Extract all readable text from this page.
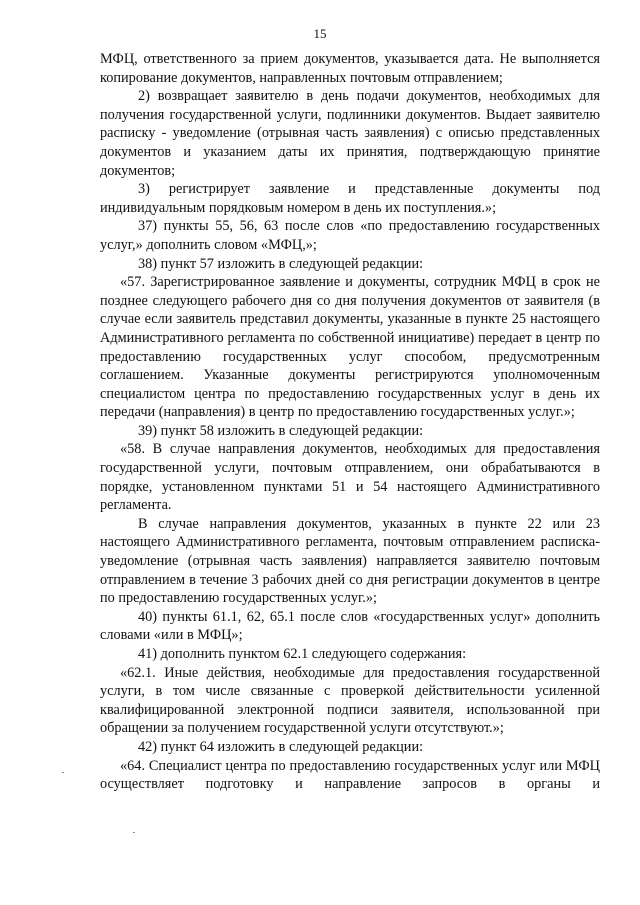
15

МФЦ, ответственного за прием документов, указывается дата. Не выполняется копирование документов, направленных почтовым отправлением;

2) возвращает заявителю в день подачи документов, необходимых для получения государственной услуги, подлинники документов. Выдает заявителю расписку - уведомление (отрывная часть заявления) с описью представленных документов и указанием даты их принятия, подтверждающую принятие документов;

3) регистрирует заявление и представленные документы под индивидуальным порядковым номером в день их поступления.»;

37) пункты 55, 56, 63 после слов «по предоставлению государственных услуг,» дополнить словом «МФЦ,»;

38) пункт 57 изложить в следующей редакции:

«57. Зарегистрированное заявление и документы, сотрудник МФЦ в срок не позднее следующего рабочего дня со дня получения документов от заявителя (в случае если заявитель представил документы, указанные в пункте 25 настоящего Административного регламента по собственной инициативе) передает в центр по предоставлению государственных услуг способом, предусмотренным соглашением. Указанные документы регистрируются уполномоченным специалистом центра по предоставлению государственных услуг в день их передачи (направления) в центр по предоставлению государственных услуг.»;

39) пункт 58 изложить в следующей редакции:

«58. В случае направления документов, необходимых для предоставления государственной услуги, почтовым отправлением, они обрабатываются в порядке, установленном пунктами 51 и 54 настоящего Административного регламента.

В случае направления документов, указанных в пункте 22 или 23 настоящего Административного регламента, почтовым отправлением расписка-уведомление (отрывная часть заявления) направляется заявителю почтовым отправлением в течение 3 рабочих дней со дня регистрации документов в центре по предоставлению государственных услуг.»;

40) пункты 61.1, 62, 65.1 после слов «государственных услуг» дополнить словами «или в МФЦ»;

41) дополнить пунктом 62.1 следующего содержания:

«62.1. Иные действия, необходимые для предоставления государственной услуги, в том числе связанные с проверкой действительности усиленной квалифицированной электронной подписи заявителя, использованной при обращении за получением государственной услуги отсутствуют.»;

42) пункт 64 изложить в следующей редакции:

«64. Специалист центра по предоставлению государственных услуг или МФЦ осуществляет подготовку и направление запросов в органы и
